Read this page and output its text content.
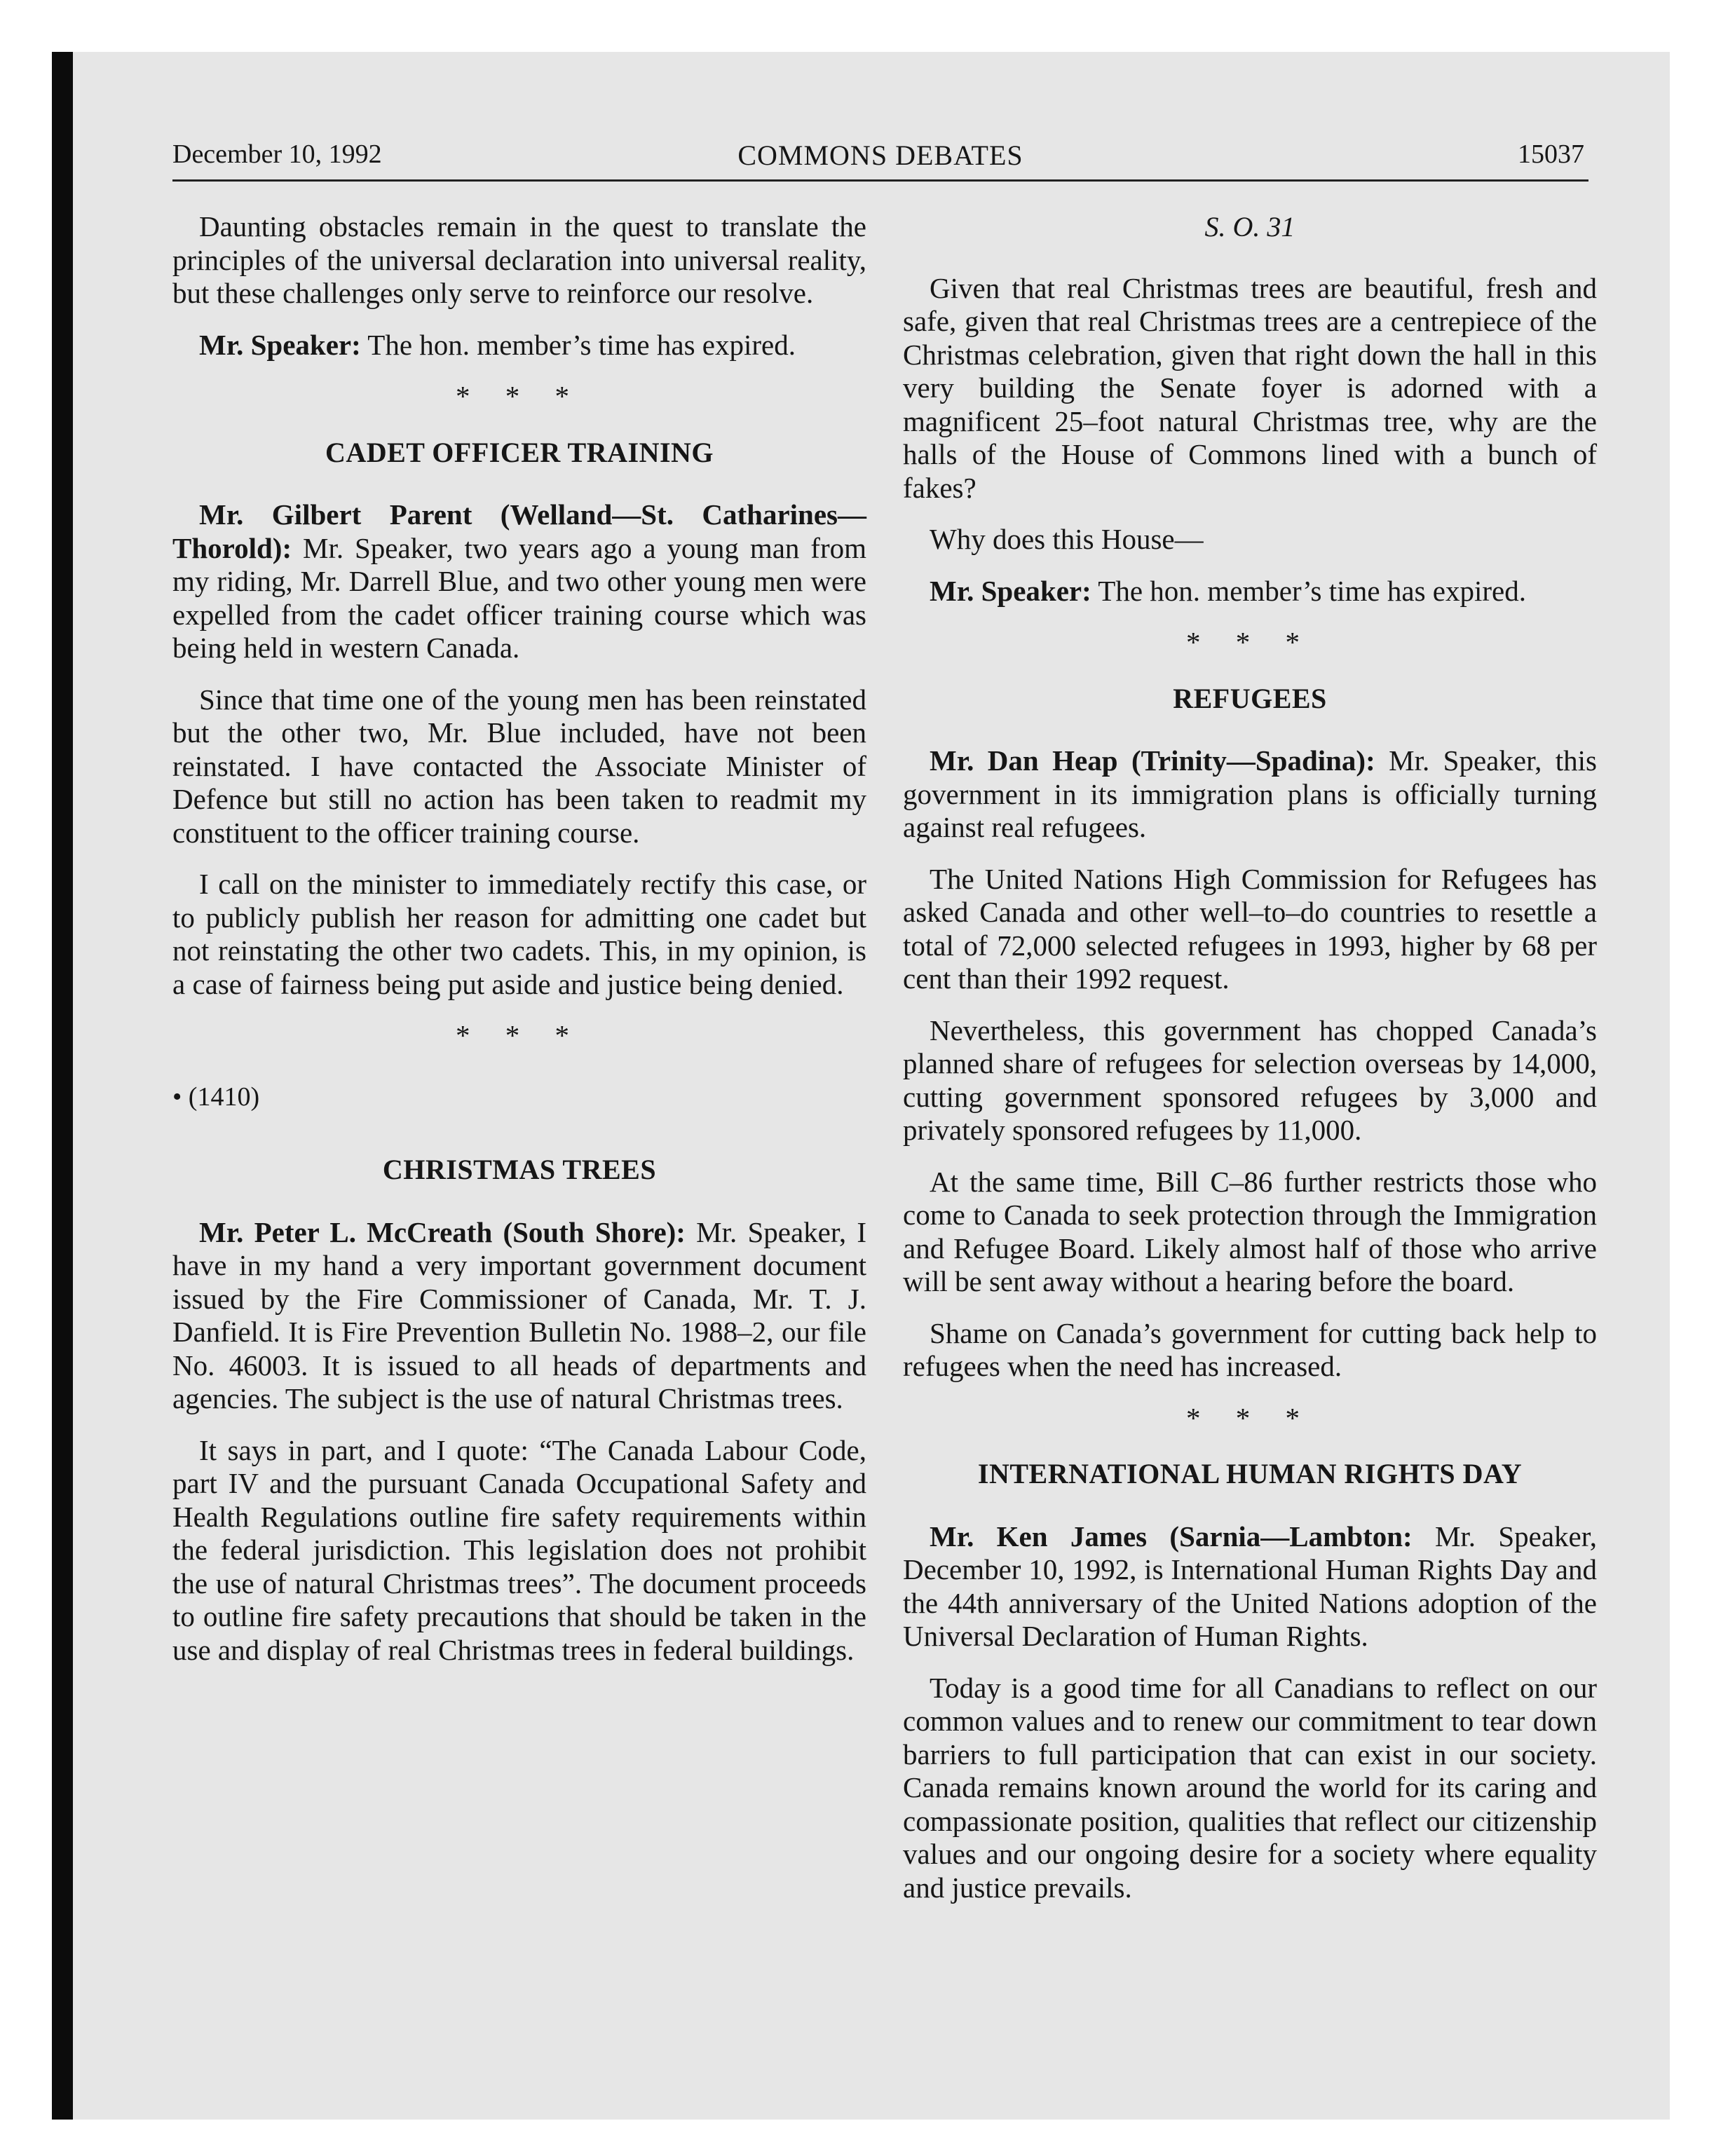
December 10, 1992	COMMONS DEBATES	15037

Daunting obstacles remain in the quest to translate the principles of the universal declaration into universal reality, but these challenges only serve to reinforce our resolve.

Mr. Speaker: The hon. member’s time has expired.

* * *
CADET OFFICER TRAINING

Mr. Gilbert Parent (Welland—St. Catharines—Thorold): Mr. Speaker, two years ago a young man from my riding, Mr. Darrell Blue, and two other young men were expelled from the cadet officer training course which was being held in western Canada.

Since that time one of the young men has been reinstated but the other two, Mr. Blue included, have not been reinstated. I have contacted the Associate Minister of Defence but still no action has been taken to readmit my constituent to the officer training course.

I call on the minister to immediately rectify this case, or to publicly publish her reason for admitting one cadet but not reinstating the other two cadets. This, in my opinion, is a case of fairness being put aside and justice being denied.

* * *
• (1410)
CHRISTMAS TREES

Mr. Peter L. McCreath (South Shore): Mr. Speaker, I have in my hand a very important government document issued by the Fire Commissioner of Canada, Mr. T. J. Danfield. It is Fire Prevention Bulletin No. 1988–2, our file No. 46003. It is issued to all heads of departments and agencies. The subject is the use of natural Christmas trees.

It says in part, and I quote: “The Canada Labour Code, part IV and the pursuant Canada Occupational Safety and Health Regulations outline fire safety requirements within the federal jurisdiction. This legislation does not prohibit the use of natural Christmas trees”. The document proceeds to outline fire safety precautions that should be taken in the use and display of real Christmas trees in federal buildings.

S. O. 31

Given that real Christmas trees are beautiful, fresh and safe, given that real Christmas trees are a centrepiece of the Christmas celebration, given that right down the hall in this very building the Senate foyer is adorned with a magnificent 25–foot natural Christmas tree, why are the halls of the House of Commons lined with a bunch of fakes?

Why does this House—

Mr. Speaker: The hon. member’s time has expired.

* * *
REFUGEES

Mr. Dan Heap (Trinity—Spadina): Mr. Speaker, this government in its immigration plans is officially turning against real refugees.

The United Nations High Commission for Refugees has asked Canada and other well–to–do countries to resettle a total of 72,000 selected refugees in 1993, higher by 68 per cent than their 1992 request.

Nevertheless, this government has chopped Canada’s planned share of refugees for selection overseas by 14,000, cutting government sponsored refugees by 3,000 and privately sponsored refugees by 11,000.

At the same time, Bill C–86 further restricts those who come to Canada to seek protection through the Immigration and Refugee Board. Likely almost half of those who arrive will be sent away without a hearing before the board.

Shame on Canada’s government for cutting back help to refugees when the need has increased.

* * *
INTERNATIONAL HUMAN RIGHTS DAY

Mr. Ken James (Sarnia—Lambton: Mr. Speaker, December 10, 1992, is International Human Rights Day and the 44th anniversary of the United Nations adoption of the Universal Declaration of Human Rights.

Today is a good time for all Canadians to reflect on our common values and to renew our commitment to tear down barriers to full participation that can exist in our society. Canada remains known around the world for its caring and compassionate position, qualities that reflect our citizenship values and our ongoing desire for a society where equality and justice prevails.
